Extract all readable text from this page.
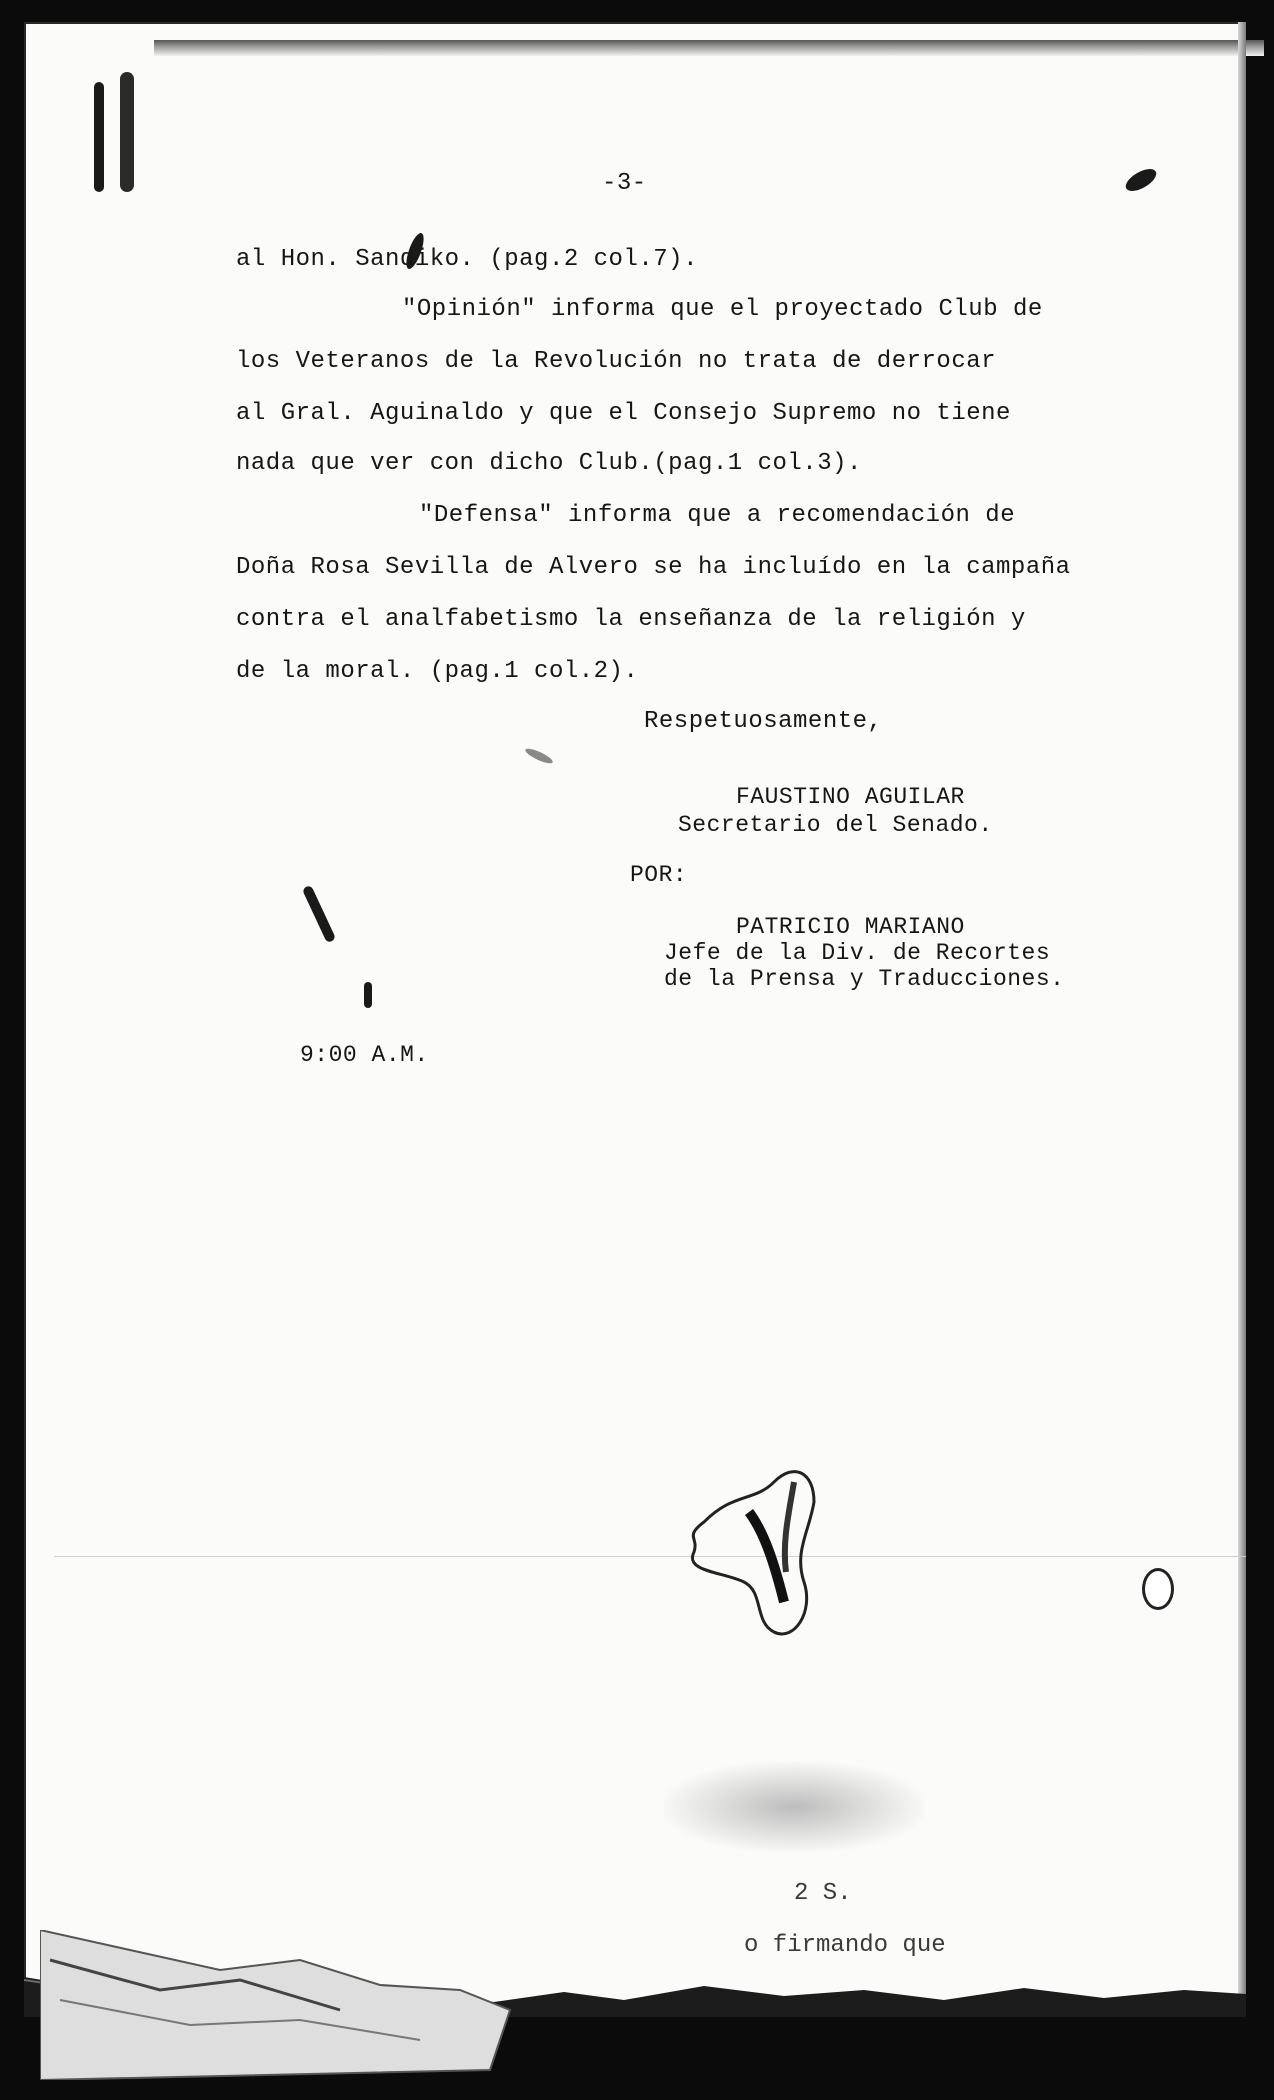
-3-
al Hon. Sandiko. (pag.2 col.7).
"Opinión" informa que el proyectado Club de
los Veteranos de la Revolución no trata de derrocar
al Gral. Aguinaldo y que el Consejo Supremo no tiene
nada que ver con dicho Club.(pag.1 col.3).
"Defensa" informa que a recomendación de
Doña Rosa Sevilla de Alvero se ha incluído en la campaña
contra el analfabetismo la enseñanza de la religión y
de la moral. (pag.1 col.2).
Respetuosamente,
FAUSTINO AGUILAR
Secretario del Senado.
POR:
PATRICIO MARIANO
Jefe de la Div. de Recortes
de la Prensa y Traducciones.
9:00 A.M.
2 S.
o firmando que
